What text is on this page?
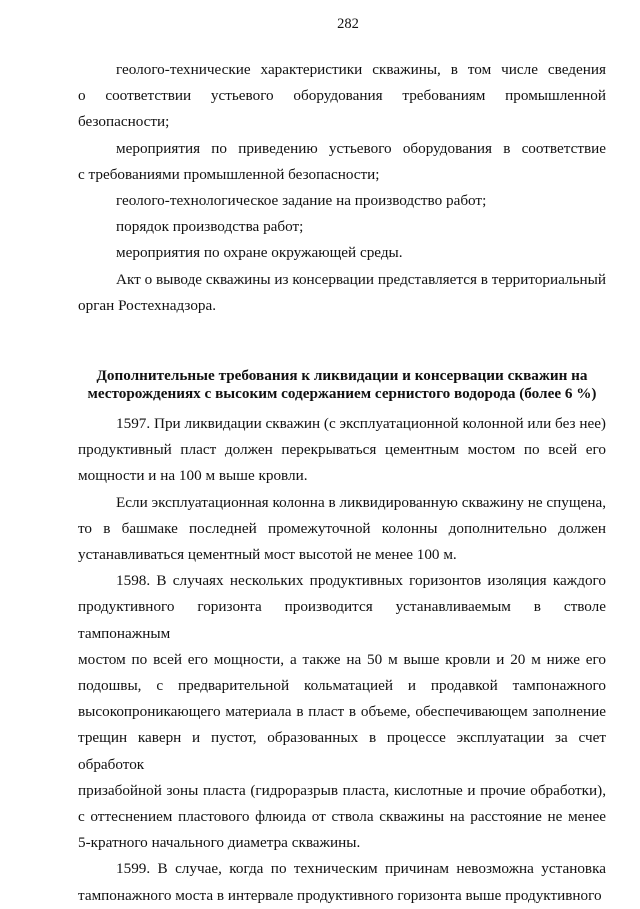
282
геолого-технические характеристики скважины, в том числе сведения
о соответствии устьевого оборудования требованиям промышленной
безопасности;
мероприятия по приведению устьевого оборудования в соответствие
с требованиями промышленной безопасности;
геолого-технологическое задание на производство работ;
порядок производства работ;
мероприятия по охране окружающей среды.
Акт о выводе скважины из консервации представляется в территориальный
орган Ростехнадзора.
Дополнительные требования к ликвидации и консервации скважин на
месторождениях с высоким содержанием сернистого водорода (более 6 %)
1597. При ликвидации скважин (с эксплуатационной колонной или без нее)
продуктивный пласт должен перекрываться цементным мостом по всей его
мощности и на 100 м выше кровли.
Если эксплуатационная колонна в ликвидированную скважину не спущена,
то в башмаке последней промежуточной колонны дополнительно должен
устанавливаться цементный мост высотой не менее 100 м.
1598. В случаях нескольких продуктивных горизонтов изоляция каждого
продуктивного горизонта производится устанавливаемым в стволе тампонажным
мостом по всей его мощности, а также на 50 м выше кровли и 20 м ниже его
подошвы, с предварительной кольматацией и продавкой тампонажного
высокопроникающего материала в пласт в объеме, обеспечивающем заполнение
трещин каверн и пустот, образованных в процессе эксплуатации за счет обработок
призабойной зоны пласта (гидроразрыв пласта, кислотные и прочие обработки),
с оттеснением пластового флюида от ствола скважины на расстояние не менее
5-кратного начального диаметра скважины.
1599. В случае, когда по техническим причинам невозможна установка
тампонажного моста в интервале продуктивного горизонта выше продуктивного
